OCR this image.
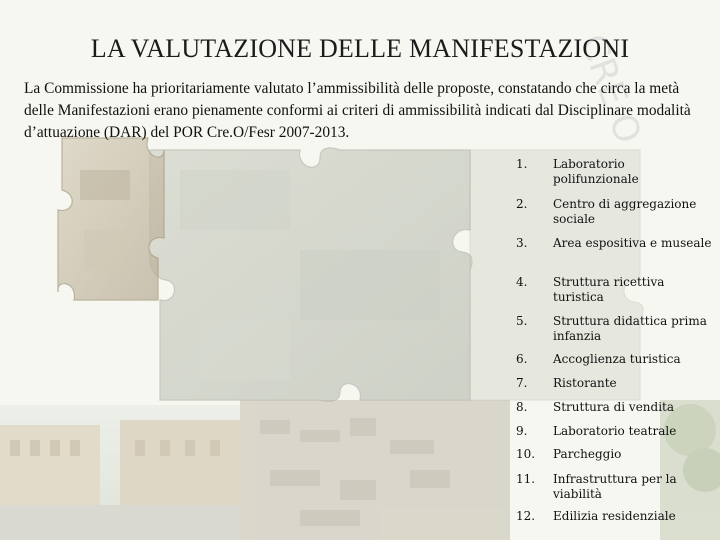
CRE O
LA VALUTAZIONE DELLE MANIFESTAZIONI

La Commissione ha prioritariamente valutato l’ammissibilità delle proposte, constatando che circa la metà delle Manifestazioni erano pienamente conformi ai criteri di ammissibilità indicati dal Disciplinare modalità d’attuazione (DAR) del POR Cre.O/Fesr 2007-2013.

1. Laboratorio polifunzionale
2. Centro di aggregazione sociale
3. Area espositiva e museale
4. Struttura ricettiva turistica
5. Struttura didattica prima infanzia
6. Accoglienza turistica
7. Ristorante
8. Struttura di vendita
9. Laboratorio teatrale
10. Parcheggio
11. Infrastruttura per la viabilità
12. Edilizia residenziale
